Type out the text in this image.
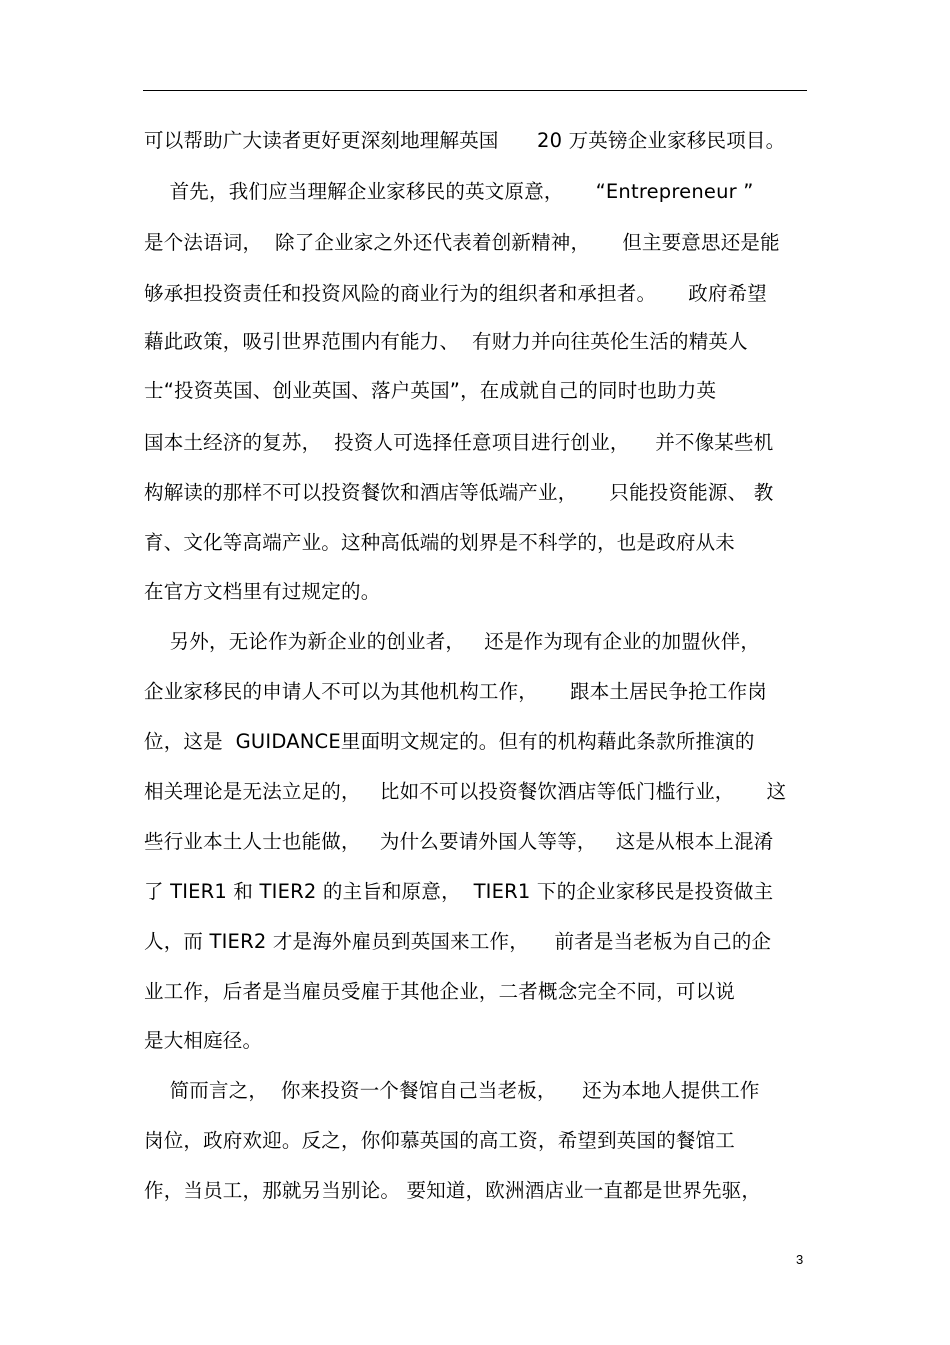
可以帮助广大读者更好更深刻地理解英国      20 万英镑企业家移民项目。
首先，我们应当理解企业家移民的英文原意，     “Entrepreneur ”
是个法语词，  除了企业家之外还代表着创新精神，     但主要意思还是能
够承担投资责任和投资风险的商业行为的组织者和承担者。     政府希望
藉此政策，吸引世界范围内有能力、  有财力并向往英伦生活的精英人
士“投资英国、创业英国、落户英国”，在成就自己的同时也助力英
国本土经济的复苏，  投资人可选择任意项目进行创业，    并不像某些机
构解读的那样不可以投资餐饮和酒店等低端产业，     只能投资能源、 教
育、文化等高端产业。这种高低端的划界是不科学的，也是政府从未
在官方文档里有过规定的。
另外，无论作为新企业的创业者，   还是作为现有企业的加盟伙伴，
企业家移民的申请人不可以为其他机构工作，     跟本土居民争抢工作岗
位，这是  GUIDANCE里面明文规定的。但有的机构藉此条款所推演的
相关理论是无法立足的，   比如不可以投资餐饮酒店等低门槛行业，     这
些行业本土人士也能做，   为什么要请外国人等等，   这是从根本上混淆
了 TIER1 和 TIER2 的主旨和原意，  TIER1 下的企业家移民是投资做主
人，而 TIER2 才是海外雇员到英国来工作，    前者是当老板为自己的企
业工作，后者是当雇员受雇于其他企业，二者概念完全不同，可以说
是大相庭径。
简而言之，  你来投资一个餐馆自己当老板，    还为本地人提供工作
岗位，政府欢迎。反之，你仰慕英国的高工资，希望到英国的餐馆工
作，当员工，那就另当别论。 要知道，欧洲酒店业一直都是世界先驱，
3
